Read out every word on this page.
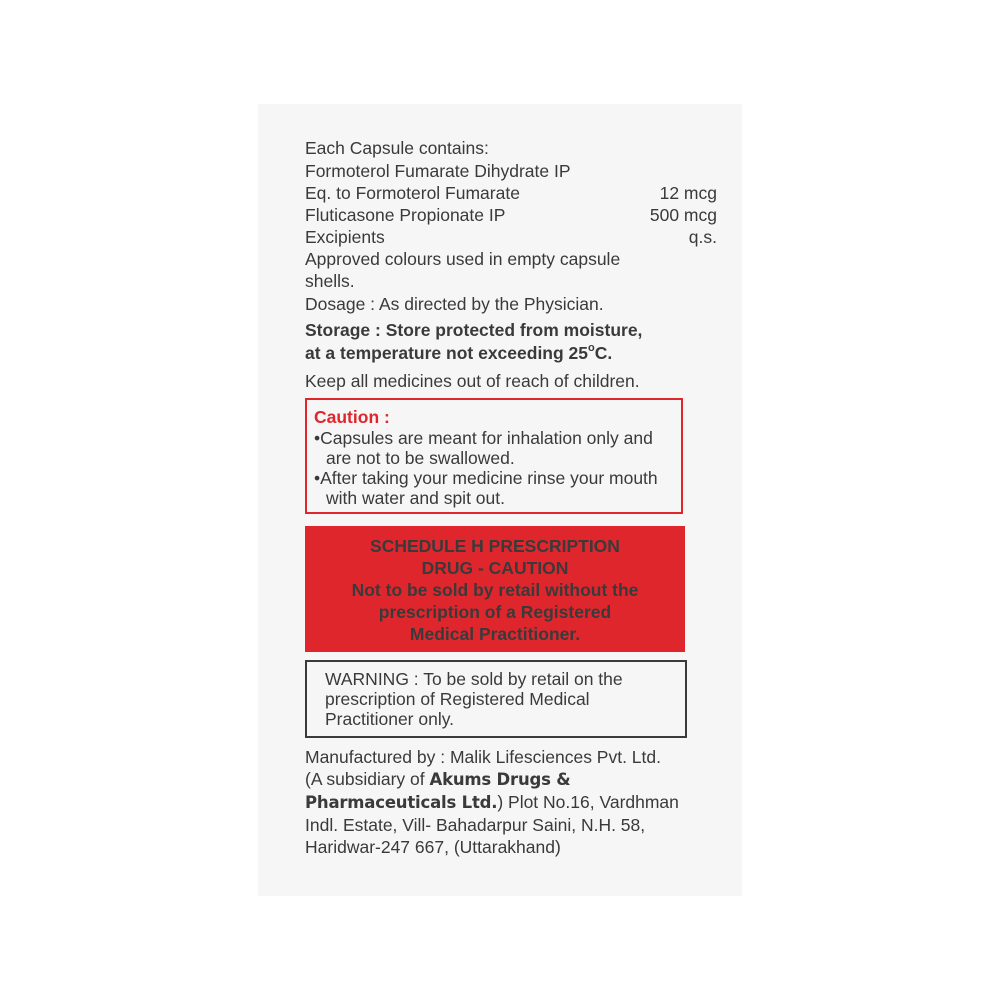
Each Capsule contains:
Formoterol Fumarate Dihydrate IP
Eq. to Formoterol Fumarate	12 mcg
Fluticasone Propionate IP	500 mcg
Excipients	q.s.
Approved colours used in empty capsule
shells.
Dosage : As directed by the Physician.
Storage : Store protected from moisture,
at a temperature not exceeding 25$^o$C.
Keep all medicines out of reach of children.
Caution :
•Capsules are meant for inhalation only and
are not to be swallowed.
•After taking your medicine rinse your mouth
with water and spit out.
SCHEDULE H PRESCRIPTION
DRUG - CAUTION
Not to be sold by retail without the
prescription of a Registered
Medical Practitioner.
WARNING : To be sold by retail on the
prescription of Registered Medical
Practitioner only.
Manufactured by : Malik Lifesciences Pvt. Ltd.
(A subsidiary of Akums Drugs &
Pharmaceuticals Ltd.) Plot No.16, Vardhman
Indl. Estate, Vill- Bahadarpur Saini, N.H. 58,
Haridwar-247 667, (Uttarakhand)
